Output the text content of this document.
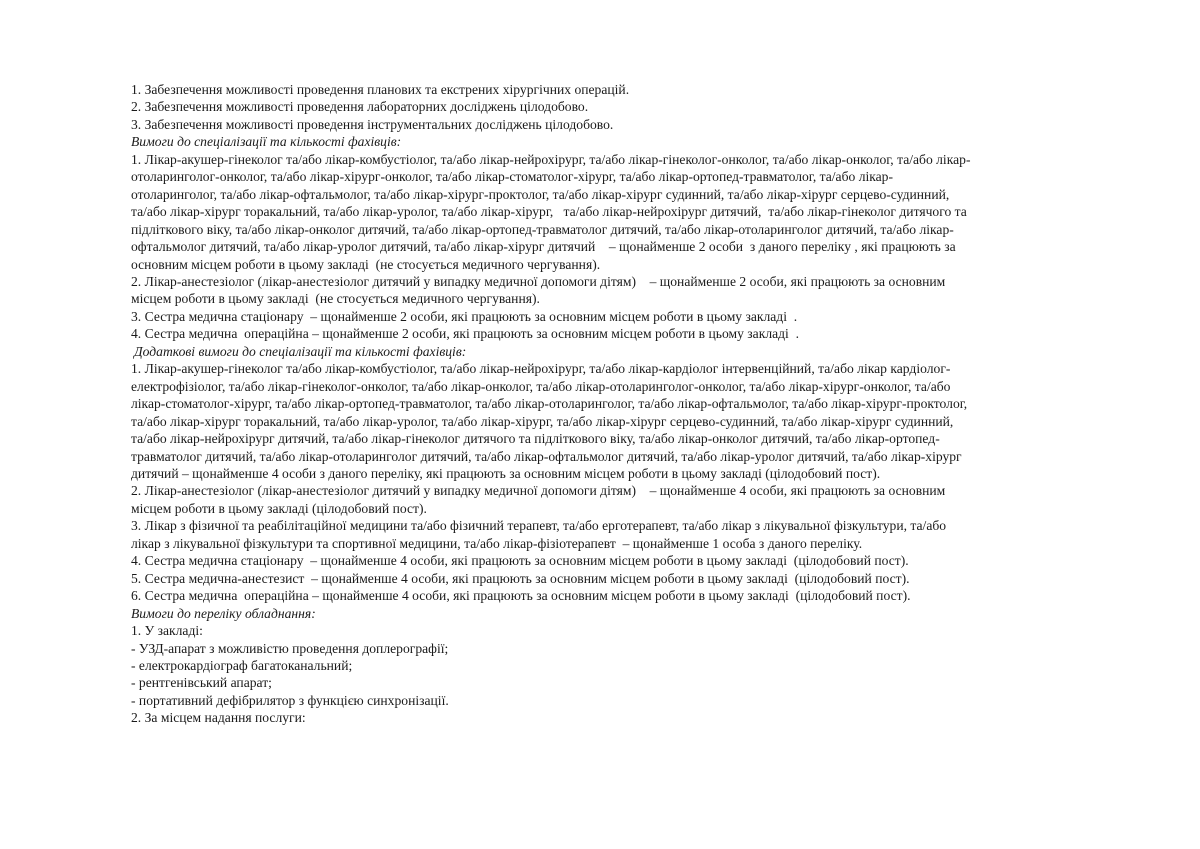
1. Забезпечення можливості проведення планових та екстрених хірургічних операцій.

2. Забезпечення можливості проведення лабораторних досліджень цілодобово.

3. Забезпечення можливості проведення інструментальних досліджень цілодобово.

Вимоги до спеціалізації та кількості фахівців:

1. Лікар-акушер-гінеколог та/або лікар-комбустіолог, та/або лікар-нейрохірург, та/або лікар-гінеколог-онколог, та/або лікар-онколог, та/або лікар-
отоларинголог-онколог, та/або лікар-хірург-онколог, та/або лікар-стоматолог-хірург, та/або лікар-ортопед-травматолог, та/або лікар-
отоларинголог, та/або лікар-офтальмолог, та/або лікар-хірург-проктолог, та/або лікар-хірург судинний, та/або лікар-хірург серцево-судинний,
та/або лікар-хірург торакальний, та/або лікар-уролог, та/або лікар-хірург,   та/або лікар-нейрохірург дитячий,  та/або лікар-гінеколог дитячого та
підліткового віку, та/або лікар-онколог дитячий, та/або лікар-ортопед-травматолог дитячий, та/або лікар-отоларинголог дитячий, та/або лікар-
офтальмолог дитячий, та/або лікар-уролог дитячий, та/або лікар-хірург дитячий    – щонайменше 2 особи  з даного переліку , які працюють за
основним місцем роботи в цьому закладі  (не стосується медичного чергування).

2. Лікар-анестезіолог (лікар-анестезіолог дитячий у випадку медичної допомоги дітям)    – щонайменше 2 особи, які працюють за основним
місцем роботи в цьому закладі  (не стосується медичного чергування).

3. Сестра медична стаціонару  – щонайменше 2 особи, які працюють за основним місцем роботи в цьому закладі  .

4. Сестра медична  операційна – щонайменше 2 особи, які працюють за основним місцем роботи в цьому закладі  .

Додаткові вимоги до спеціалізації та кількості фахівців:

1. Лікар-акушер-гінеколог та/або лікар-комбустіолог, та/або лікар-нейрохірург, та/або лікар-кардіолог інтервенційний, та/або лікар кардіолог-
електрофізіолог, та/або лікар-гінеколог-онколог, та/або лікар-онколог, та/або лікар-отоларинголог-онколог, та/або лікар-хірург-онколог, та/або
лікар-стоматолог-хірург, та/або лікар-ортопед-травматолог, та/або лікар-отоларинголог, та/або лікар-офтальмолог, та/або лікар-хірург-проктолог,
та/або лікар-хірург торакальний, та/або лікар-уролог, та/або лікар-хірург, та/або лікар-хірург серцево-судинний, та/або лікар-хірург судинний,
та/або лікар-нейрохірург дитячий, та/або лікар-гінеколог дитячого та підліткового віку, та/або лікар-онколог дитячий, та/або лікар-ортопед-
травматолог дитячий, та/або лікар-отоларинголог дитячий, та/або лікар-офтальмолог дитячий, та/або лікар-уролог дитячий, та/або лікар-хірург
дитячий – щонайменше 4 особи з даного переліку, які працюють за основним місцем роботи в цьому закладі (цілодобовий пост).

2. Лікар-анестезіолог (лікар-анестезіолог дитячий у випадку медичної допомоги дітям)    – щонайменше 4 особи, які працюють за основним
місцем роботи в цьому закладі (цілодобовий пост).

3. Лікар з фізичної та реабілітаційної медицини та/або фізичний терапевт, та/або ерготерапевт, та/або лікар з лікувальної фізкультури, та/або
лікар з лікувальної фізкультури та спортивної медицини, та/або лікар-фізіотерапевт  – щонайменше 1 особа з даного переліку.

4. Сестра медична стаціонару  – щонайменше 4 особи, які працюють за основним місцем роботи в цьому закладі  (цілодобовий пост).

5. Сестра медична-анестезист  – щонайменше 4 особи, які працюють за основним місцем роботи в цьому закладі  (цілодобовий пост).

6. Сестра медична  операційна – щонайменше 4 особи, які працюють за основним місцем роботи в цьому закладі  (цілодобовий пост).

Вимоги до переліку обладнання:

1. У закладі:

- УЗД-апарат з можливістю проведення доплерографії;

- електрокардіограф багатоканальний;

- рентгенівський апарат;

- портативний дефібрилятор з функцією синхронізації.

2. За місцем надання послуги:
